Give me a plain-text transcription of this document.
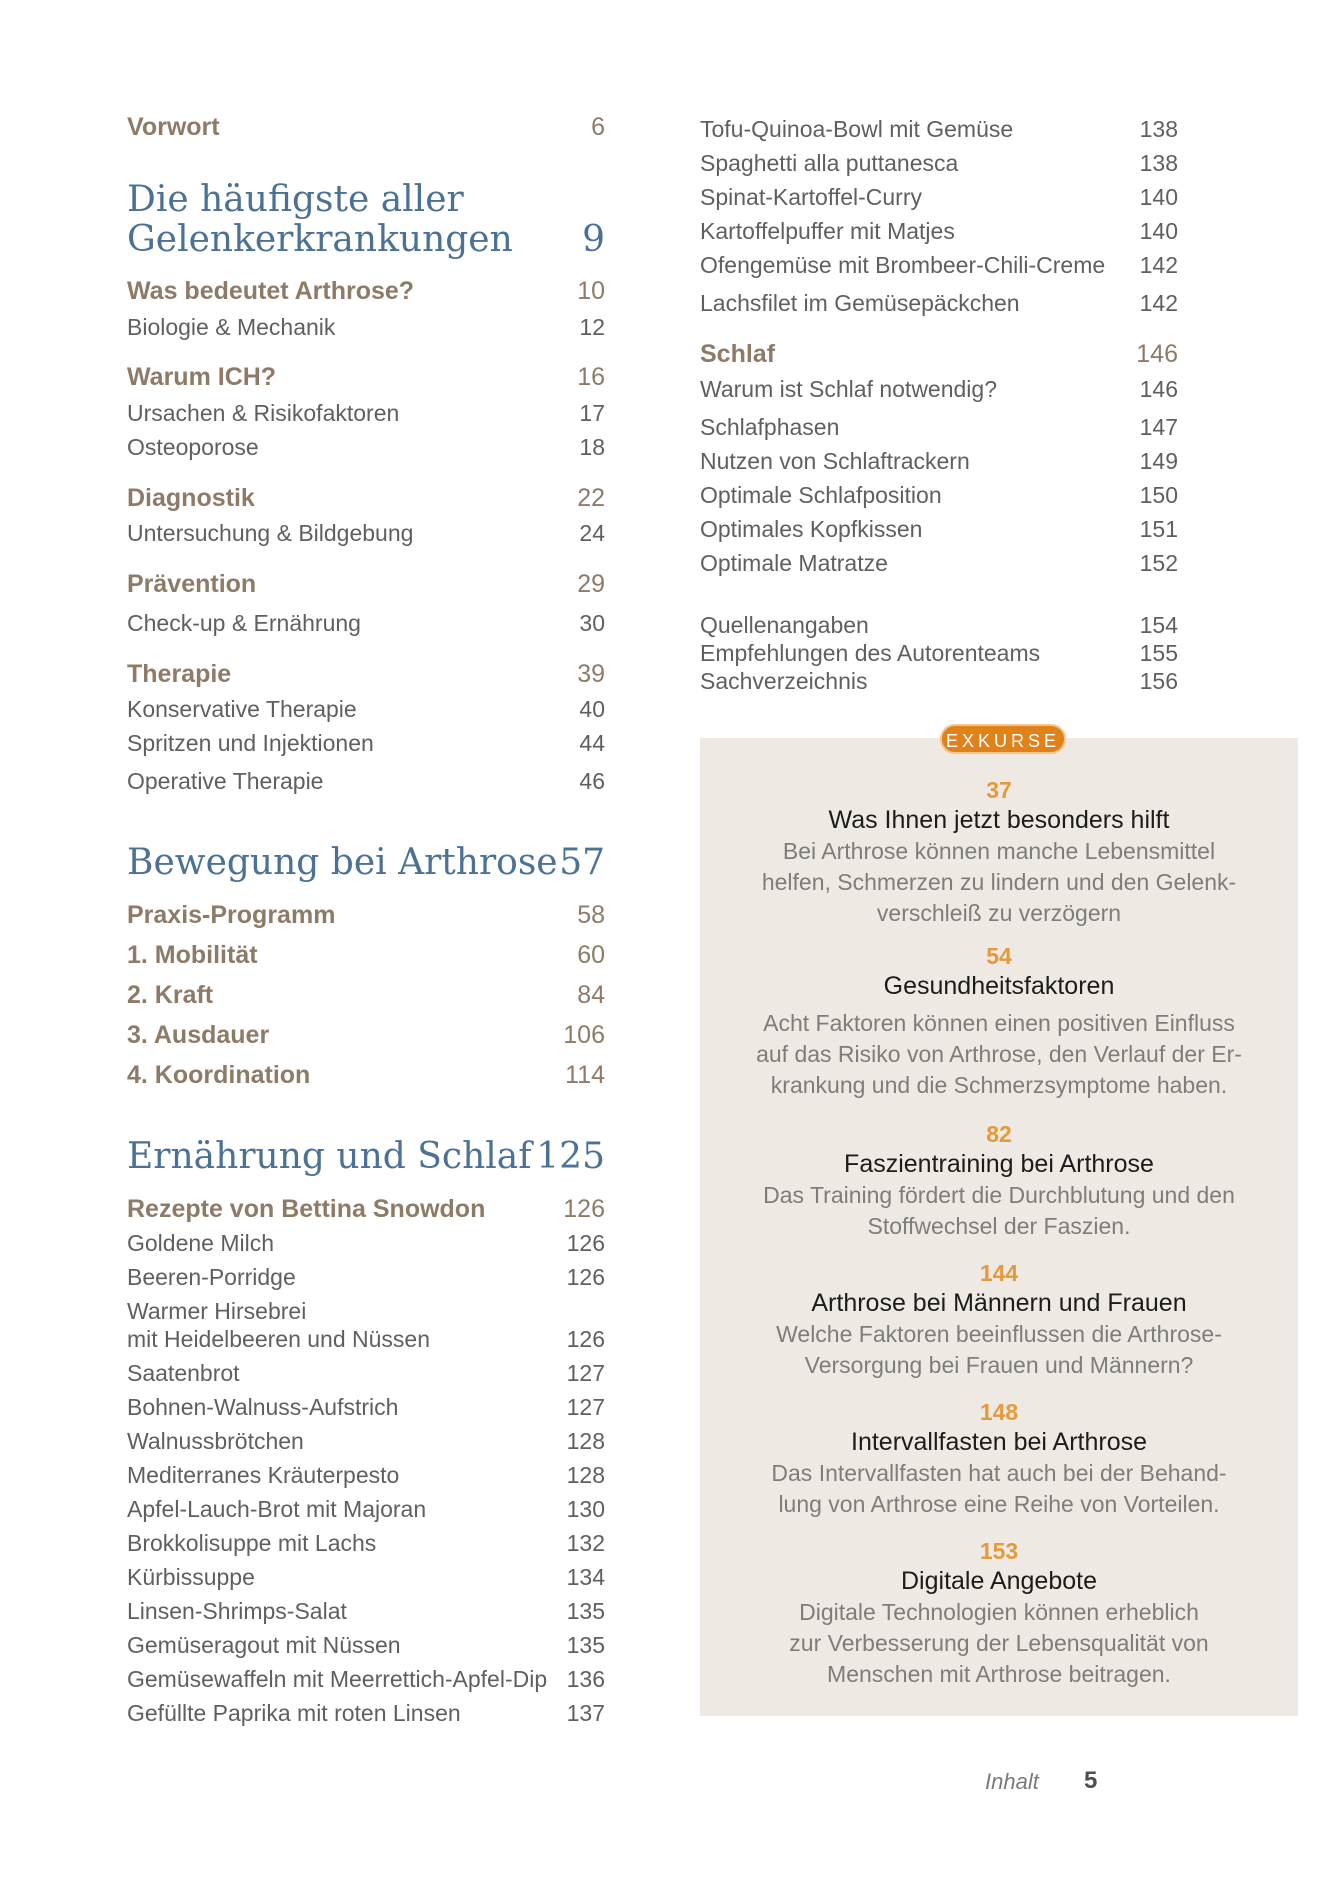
Vorwort	6
Die häufigste aller
Gelenkerkrankungen 9
Was bedeutet Arthrose?	10
Biologie & Mechanik	12
Warum ICH?	16
Ursachen & Risikofaktoren	17
Osteoporose	18
Diagnostik	22
Untersuchung & Bildgebung	24
Prävention	29
Check-up & Ernährung	30
Therapie	39
Konservative Therapie	40
Spritzen und Injektionen	44
Operative Therapie	46
Bewegung bei Arthrose 57
Praxis-Programm	58
1. Mobilität	60
2. Kraft	84
3. Ausdauer	106
4. Koordination	114
Ernährung und Schlaf 125
Rezepte von Bettina Snowdon	126
Goldene Milch	126
Beeren-Porridge	126
Warmer Hirsebrei
mit Heidelbeeren und Nüssen	126
Saatenbrot	127
Bohnen-Walnuss-Aufstrich	127
Walnussbrötchen	128
Mediterranes Kräuterpesto	128
Apfel-Lauch-Brot mit Majoran	130
Brokkolisuppe mit Lachs	132
Kürbissuppe	134
Linsen-Shrimps-Salat	135
Gemüseragout mit Nüssen	135
Gemüsewaffeln mit Meerrettich-Apfel-Dip 136
Gefüllte Paprika mit roten Linsen	137
Tofu-Quinoa-Bowl mit Gemüse	138
Spaghetti alla puttanesca	138
Spinat-Kartoffel-Curry	140
Kartoffelpuffer mit Matjes	140
Ofengemüse mit Brombeer-Chili-Creme 142
Lachsfilet im Gemüsepäckchen	142
Schlaf	146
Warum ist Schlaf notwendig?	146
Schlafphasen	147
Nutzen von Schlaftrackern	149
Optimale Schlafposition	150
Optimales Kopfkissen	151
Optimale Matratze	152
Quellenangaben	154
Empfehlungen des Autorenteams	155
Sachverzeichnis	156
EXKURSE
37
Was Ihnen jetzt besonders hilft
Bei Arthrose können manche Lebensmittel
helfen, Schmerzen zu lindern und den Gelenk-
verschleiß zu verzögern
54
Gesundheitsfaktoren
Acht Faktoren können einen positiven Einfluss
auf das Risiko von Arthrose, den Verlauf der Er-
krankung und die Schmerzsymptome haben.
82
Faszientraining bei Arthrose
Das Training fördert die Durchblutung und den
Stoffwechsel der Faszien.
144
Arthrose bei Männern und Frauen
Welche Faktoren beeinflussen die Arthrose-
Versorgung bei Frauen und Männern?
148
Intervallfasten bei Arthrose
Das Intervallfasten hat auch bei der Behand-
lung von Arthrose eine Reihe von Vorteilen.
153
Digitale Angebote
Digitale Technologien können erheblich
zur Verbesserung der Lebensqualität von
Menschen mit Arthrose beitragen.
Inhalt 5
